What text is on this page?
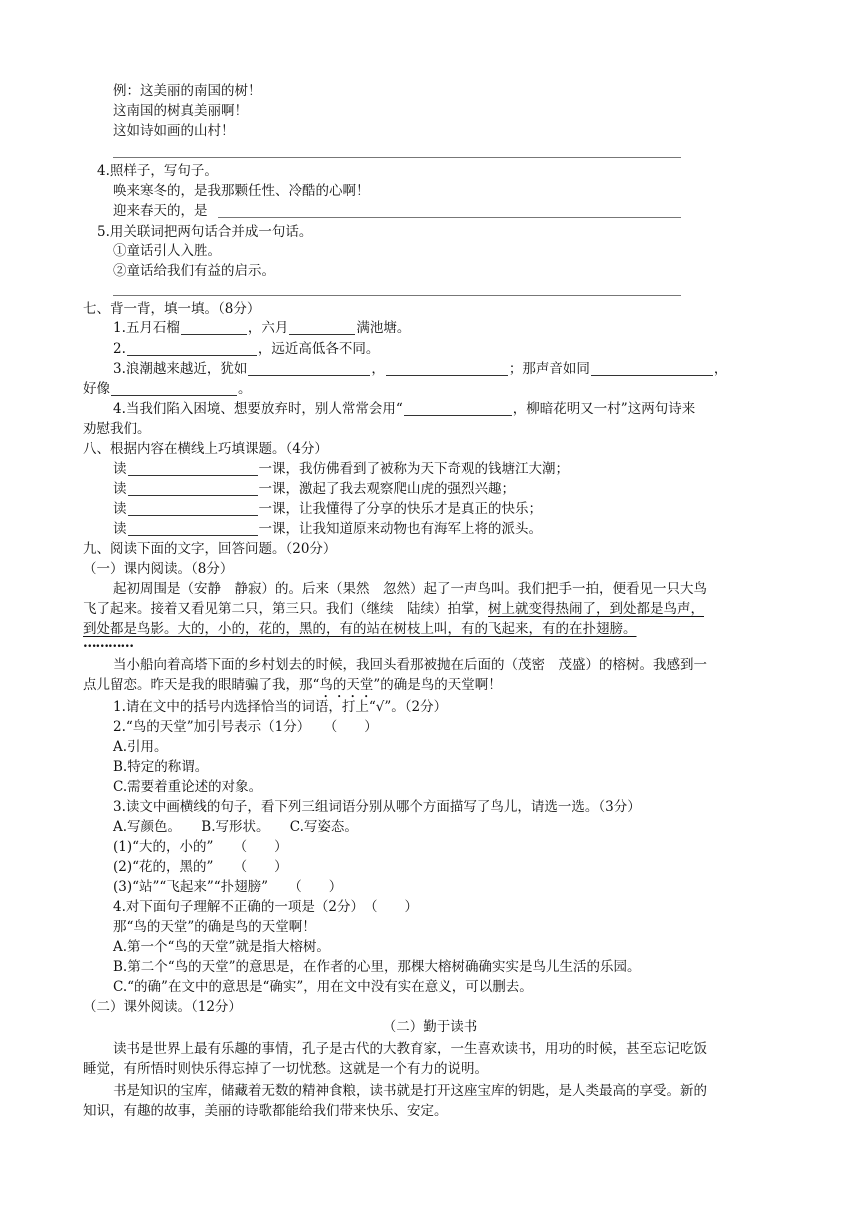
例：这美丽的南国的树！
这南国的树真美丽啊！
这如诗如画的山村！
4.照样子，写句子。
唤来寒冬的，是我那颗任性、冷酷的心啊！
迎来春天的，是
5.用关联词把两句话合并成一句话。
①童话引人入胜。
②童话给我们有益的启示。
七、背一背，填一填。（8分）
1.五月石榴	，六月	满池塘。
2.	，远近高低各不同。
3.浪潮越来越近，犹如	，	；那声音如同	，
好像	。
4.当我们陷入困境、想要放弃时，别人常常会用“	，柳暗花明又一村”这两句诗来
劝慰我们。
八、根据内容在横线上巧填课题。（4分）
读	一课，我仿佛看到了被称为天下奇观的钱塘江大潮；
读	一课，激起了我去观察爬山虎的强烈兴趣；
读	一课，让我懂得了分享的快乐才是真正的快乐；
读	一课，让我知道原来动物也有海军上将的派头。
九、阅读下面的文字，回答问题。（20分）
（一）课内阅读。（8分）
起初周围是（安静　静寂）的。后来（果然　忽然）起了一声鸟叫。我们把手一拍，便看见一只大鸟
飞了起来。接着又看见第二只，第三只。我们（继续　陆续）拍掌，树上就变得热闹了，到处都是鸟声，
到处都是鸟影。大的，小的，花的，黑的，有的站在树枝上叫，有的飞起来，有的在扑翅膀。
…………
当小船向着高塔下面的乡村划去的时候，我回头看那被抛在后面的（茂密　茂盛）的榕树。我感到一
点儿留恋。昨天是我的眼睛骗了我，那“鸟的天堂”的确是鸟的天堂啊！
1.请在文中的括号内选择恰当的词语，打上“√”。（2分）
2.“鸟的天堂”加引号表示（1分）　　（　　）
A.引用。
B.特定的称谓。
C.需要着重论述的对象。
3.读文中画横线的句子，看下列三组词语分别从哪个方面描写了鸟儿，请选一选。（3分）
A.写颜色。　　B.写形状。　　C.写姿态。
(1)“大的，小的”　　（　　）
(2)“花的，黑的”　　（　　）
(3)“站”“飞起来”“扑翅膀”　　（　　）
4.对下面句子理解不正确的一项是（2分）　（　　）
那“鸟的天堂”的确是鸟的天堂啊！
A.第一个“鸟的天堂”就是指大榕树。
B.第二个“鸟的天堂”的意思是，在作者的心里，那棵大榕树确确实实是鸟儿生活的乐园。
C.“的确”在文中的意思是“确实”，用在文中没有实在意义，可以删去。
（二）课外阅读。（12分）
（二）勤于读书
读书是世界上最有乐趣的事情，孔子是古代的大教育家，一生喜欢读书，用功的时候，甚至忘记吃饭
睡觉，有所悟时则快乐得忘掉了一切忧愁。这就是一个有力的说明。
书是知识的宝库，储藏着无数的精神食粮，读书就是打开这座宝库的钥匙，是人类最高的享受。新的
知识，有趣的故事，美丽的诗歌都能给我们带来快乐、安定。
